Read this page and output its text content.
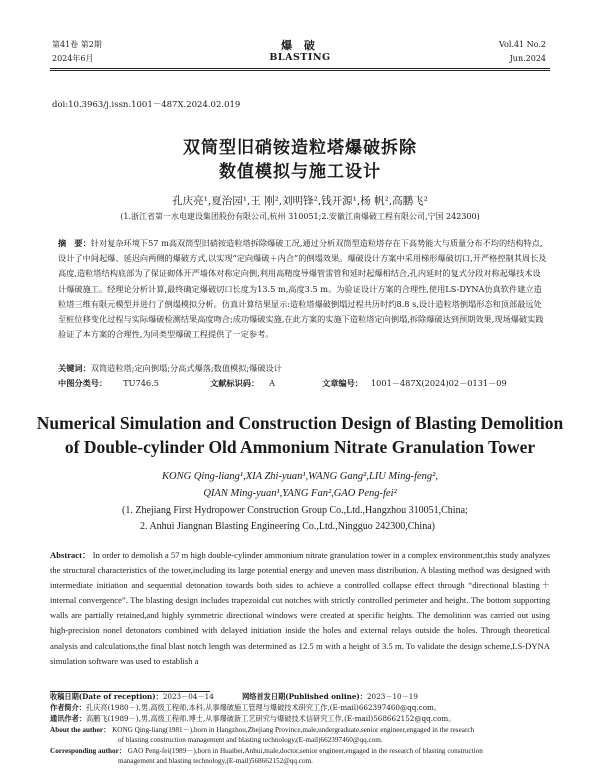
第41卷 第2期
2024年6月
爆 破
BLASTING
Vol.41 No.2
Jun.2024
doi:10.3963/j.issn.1001－487X.2024.02.019
双筒型旧硝铵造粒塔爆破拆除
数值模拟与施工设计
孔庆亮¹,夏治园¹,王 刚²,刘明锋²,钱开源¹,杨 帆²,高鹏飞²
(1.浙江省第一水电建设集团股份有限公司,杭州 310051;2.安徽江南爆破工程有限公司,宁国 242300)
摘　要：针对复杂环境下57 m高双筒型旧硝铵造粒塔拆除爆破工况,通过分析双筒型造粒塔存在下高势能大与质量分布不均的结构特点,设计了中间起爆、延迟向两侧的爆破方式,以实现“定向爆破＋内合”的倒塌效果。爆破设计方案中采用梯形爆破切口,开严格控制其周长及高度,造粒塔结构底部为了保证砌体开严墙体对称定向倒,利用高精度导爆管雷管和延时起爆相结合,孔内延时的复式分段对称起爆技术设计爆破施工。经理论分析计算,最终确定爆破切口长度为13.5 m,高度3.5 m。为验证设计方案的合理性,使用LS-DYNA仿真软件建立造粒塔三维有限元模型并进行了倒塌模拟分析。仿真计算结果显示:造粒塔爆破倒塌过程共历时约8.8 s,设计造粒塔倒塌形态和顶部最远处至桩位移变化过程与实际爆破检测结果高度吻合;成功爆破实施,在此方案的实施下造粒塔定向倒塌,拆除爆破达到预期效果,现场爆破实践验证了本方案的合理性,为同类型爆破工程提供了一定参考。
关键词：双筒造粒塔;定向倒塌;分高式爆落;数值模拟;爆破设计
中图分类号： TU746.5	文献标识码： A	文章编号： 1001－487X(2024)02－0131－09
Numerical Simulation and Construction Design of Blasting Demolition
of Double-cylinder Old Ammonium Nitrate Granulation Tower
KONG Qing-liang¹,XIA Zhi-yuan¹,WANG Gang²,LIU Ming-feng²,
QIAN Ming-yuan¹,YANG Fan²,GAO Peng-fei²
(1. Zhejiang First Hydropower Construction Group Co.,Ltd.,Hangzhou 310051,China;
2. Anhui Jiangnan Blasting Engineering Co.,Ltd.,Ningguo 242300,China)
Abstract： In order to demolish a 57 m high double-cylinder ammonium nitrate granulation tower in a complex environment,this study analyzes the structural characteristics of the tower,including its large potential energy and uneven mass distribution. A blasting method was designed with intermediate initiation and sequential detonation towards both sides to achieve a controlled collapse effect through “directional blasting＋internal convergence”. The blasting design includes trapezoidal cut notches with strictly controlled perimeter and height. The bottom supporting walls are partially retained,and highly symmetric directional windows were created at specific heights. The demolition was carried out using high-precision nonel detonators combined with delayed initiation inside the holes and external relays outside the holes. Through theoretical analysis and calculations,the final blast notch length was determined as 12.5 m with a height of 3.5 m. To validate the design scheme,LS-DYNA simulation software was used to establish a
收稿日期(Date of reception)：2023－04－14	网络首发日期(Published online)：2023－10－19
作者简介：孔庆亮(1980－),男,高级工程师,本科,从事爆破施工管理与爆破技术研究工作,(E-mail)662397460@qq.com。
通讯作者：高鹏飞(1989－),男,高级工程师,博士,从事爆破新工艺研究与爆破技术信研究工作,(E-mail)568662152@qq.com。
About the author： KONG Qing-liang(1981－),born in Hangzhou,Zhejiang Province,male,undergraduate,senior engineer,engaged in the research
of blasting construction management and blasting technology,(E-mail)662397460@qq.com.
Corresponding author： GAO Peng-fei(1989－),born in Huaibei,Anhui,male,doctor,senior engineer,engaged in the research of blasting construction
management and blasting technology,(E-mail)568662152@qq.com.
